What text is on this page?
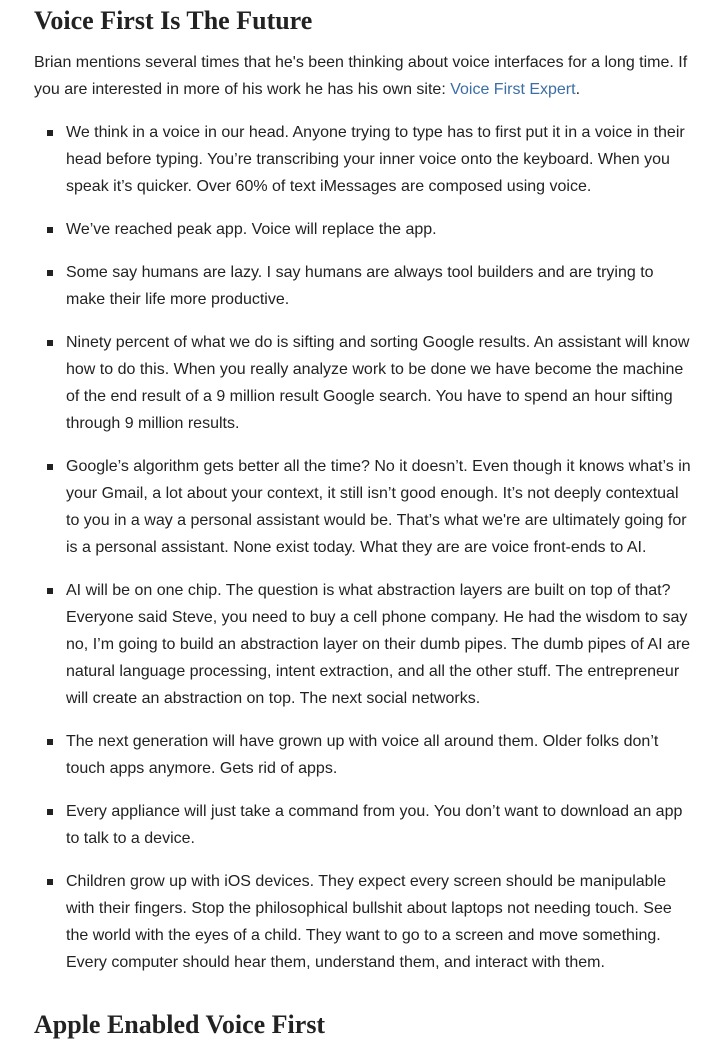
Voice First Is The Future

Brian mentions several times that he's been thinking about voice interfaces for a long time. If you are interested in more of his work he has his own site: Voice First Expert.

We think in a voice in our head. Anyone trying to type has to first put it in a voice in their head before typing. You’re transcribing your inner voice onto the keyboard. When you speak it’s quicker. Over 60% of text iMessages are composed using voice.
We’ve reached peak app. Voice will replace the app.
Some say humans are lazy. I say humans are always tool builders and are trying to make their life more productive.
Ninety percent of what we do is sifting and sorting Google results. An assistant will know how to do this. When you really analyze work to be done we have become the machine of the end result of a 9 million result Google search. You have to spend an hour sifting through 9 million results.
Google’s algorithm gets better all the time? No it doesn’t. Even though it knows what’s in your Gmail, a lot about your context, it still isn’t good enough. It’s not deeply contextual to you in a way a personal assistant would be. That’s what we're are ultimately going for is a personal assistant. None exist today. What they are are voice front-ends to AI.
AI will be on one chip. The question is what abstraction layers are built on top of that? Everyone said Steve, you need to buy a cell phone company. He had the wisdom to say no, I’m going to build an abstraction layer on their dumb pipes. The dumb pipes of AI are natural language processing, intent extraction, and all the other stuff. The entrepreneur will create an abstraction on top. The next social networks.
The next generation will have grown up with voice all around them. Older folks don’t touch apps anymore. Gets rid of apps.
Every appliance will just take a command from you. You don’t want to download an app to talk to a device.
Children grow up with iOS devices. They expect every screen should be manipulable with their fingers. Stop the philosophical bullshit about laptops not needing touch. See the world with the eyes of a child. They want to go to a screen and move something. Every computer should hear them, understand them, and interact with them.
Apple Enabled Voice First
